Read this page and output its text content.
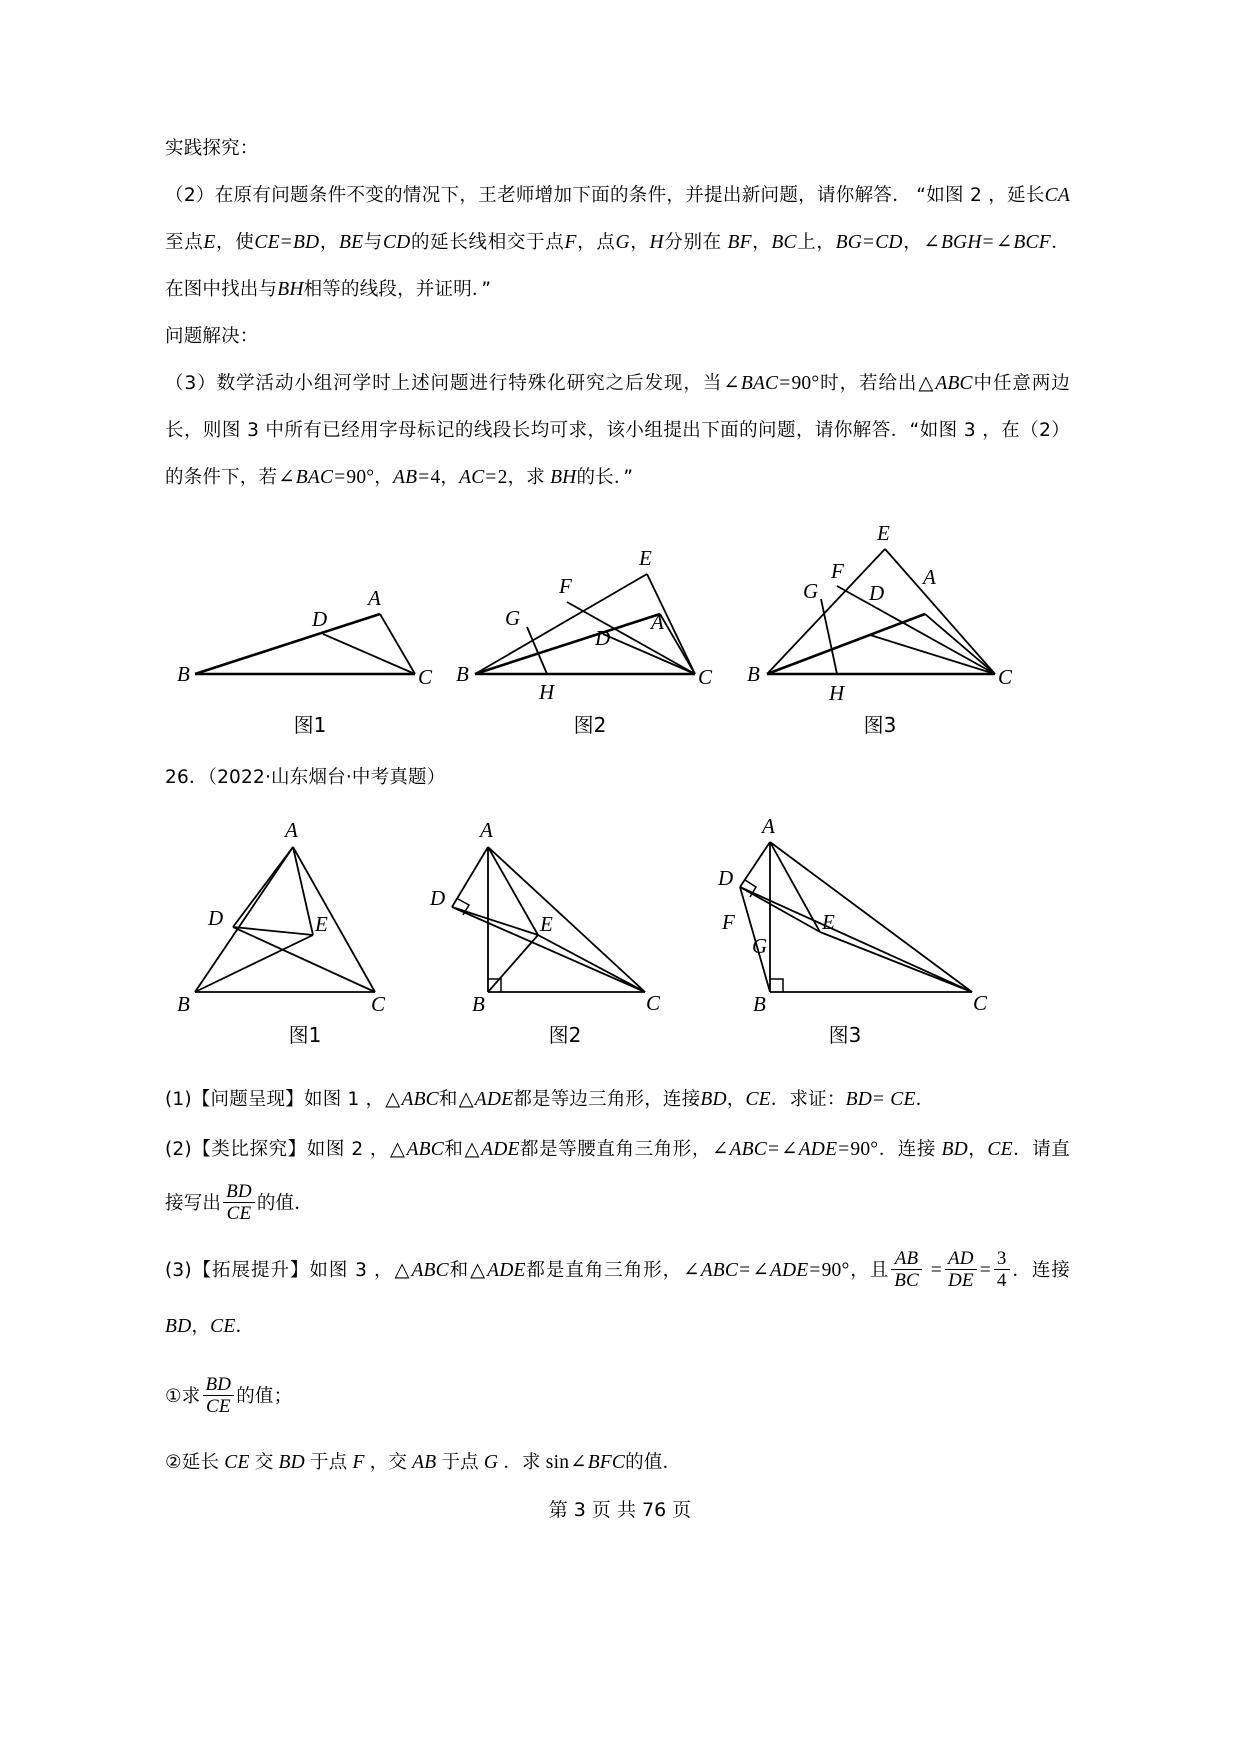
实践探究：

（2）在原有问题条件不变的情况下，王老师增加下面的条件，并提出新问题，请你解答． “如图 2 ，延长CA至点E，使CE=BD，BE与CD的延长线相交于点F，点G，H分别在 BF，BC上，BG=CD，∠BGH= ∠BCF．在图中找出与BH相等的线段，并证明．”

问题解决：

（3）数学活动小组河学时上述问题进行特殊化研究之后发现，当∠BAC=90°时，若给出△ABC中任意两边长，则图 3 中所有已经用字母标记的线段长均可求，该小组提出下面的问题，请你解答．“如图 3 ，在（2）的条件下，若∠BAC=90°，AB=4，AC=2，求 BH的长．”

A
D
B	C
E
A
F
D
G
H
B	C
E
A
F
D
G
H
B	C
图1	图2	图3

26．（2022·山东烟台·中考真题）

A
D	E
B	C
A
D
E
B	C
A
D
F
G
E
B	C
图1	图2	图3

(1)【问题呈现】如图 1 ，△ABC和△ADE都是等边三角形，连接BD，CE．求证：BD= CE．

(2)【类比探究】如图 2 ，△ABC和△ADE都是等腰直角三角形，∠ABC= ∠ADE=90°．连接 BD，CE．请直接写出 $\frac{BD}{CE}$ 的值．

(3)【拓展提升】如图 3 ，△ABC和△ADE都是直角三角形，∠ABC= ∠ADE=90°，且 $\frac{AB}{BC} = \frac{AD}{DE} = \frac{3}{4}$ ．连接BD，CE．

①求 $\frac{BD}{CE}$ 的值；

②延长 CE 交 BD 于点 F ，交 AB 于点 G ．求 sin∠BFC的值．

第 3 页 共 76 页
